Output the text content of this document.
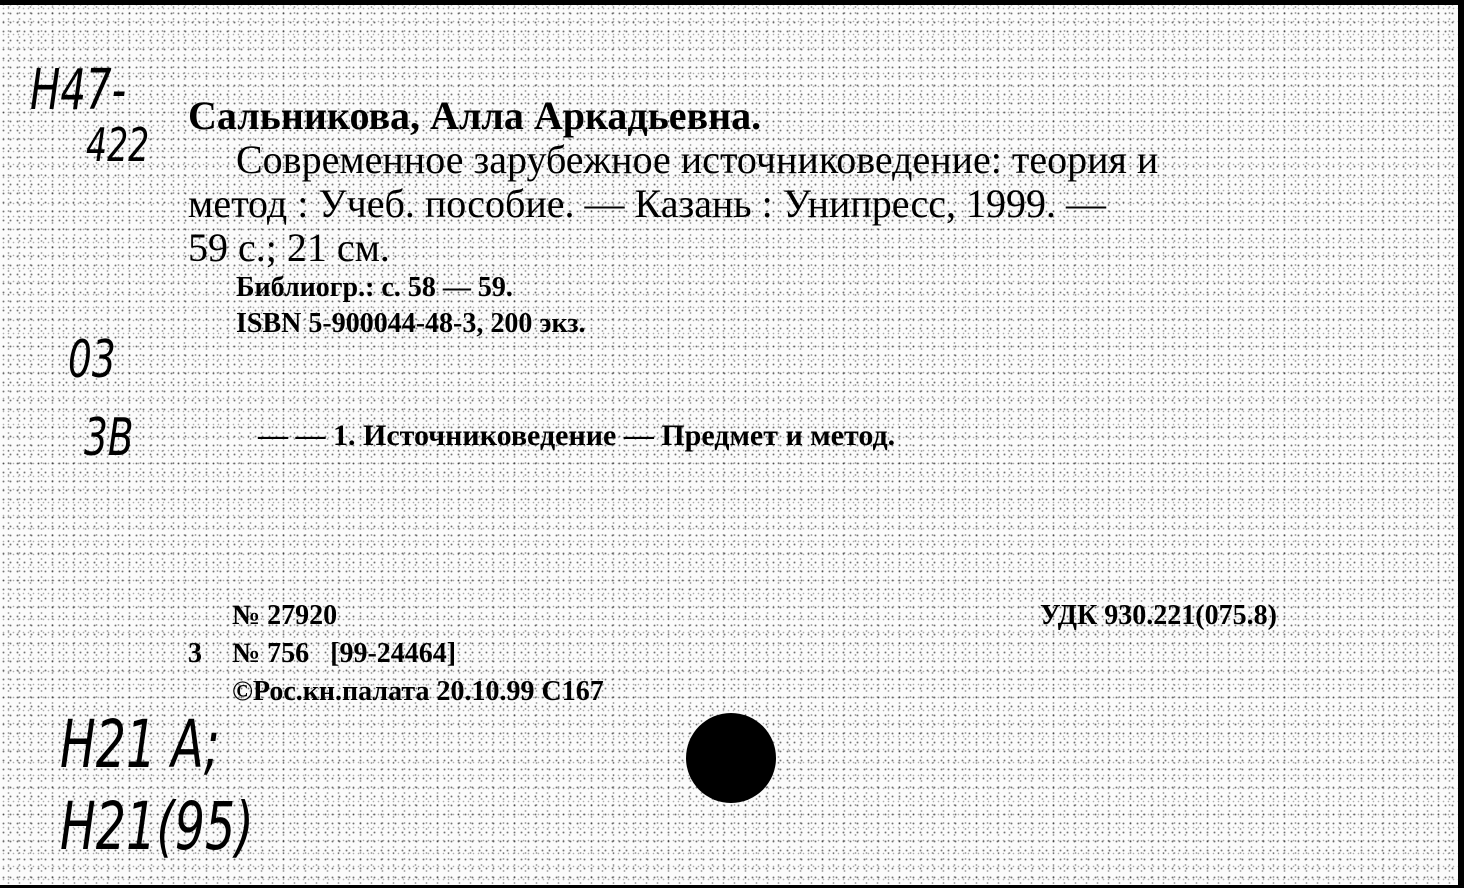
Н47-
422
Сальникова, Алла Аркадьевна.
Современное зарубежное источниковедение: теория и
метод : Учеб. пособие. — Казань : Унипресс, 1999. —
59 с.; 21 см.
Библиогр.: с. 58 — 59.
ISBN 5-900044-48-3, 200 экз.
03
3В	— — 1. Источниковедение — Предмет и метод.
№ 27920
3 № 756   [99-24464]
©Рос.кн.палата 20.10.99 С167
УДК 930.221(075.8)
Н21 А;
Н21(95)
